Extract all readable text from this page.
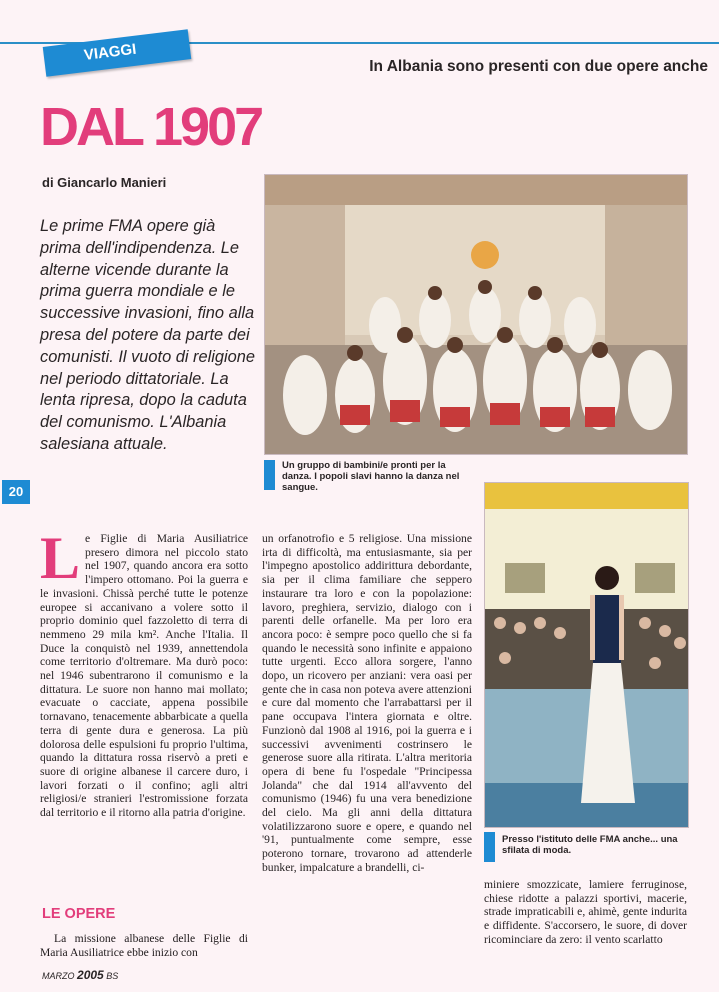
VIAGGI
In Albania sono presenti con due opere anche
DAL 1907
di Giancarlo Manieri
Le prime FMA opere già prima dell'indipendenza. Le alterne vicende durante la prima guerra mondiale e le successive invasioni, fino alla presa del potere da parte dei comunisti. Il vuoto di religione nel periodo dittatoriale. La lenta ripresa, dopo la caduta del comunismo. L'Albania salesiana attuale.
20
Un gruppo di bambini/e pronti per la danza. I popoli slavi hanno la danza nel sangue.
Presso l'istituto delle FMA anche... una sfilata di moda.
Le Figlie di Maria Ausiliatrice presero dimora nel piccolo stato nel 1907, quando ancora era sotto l'impero ottomano. Poi la guerra e le invasioni. Chissà perché tutte le potenze europee si accanivano a volere sotto il proprio dominio quel fazzoletto di terra di nemmeno 29 mila km². Anche l'Italia. Il Duce la conquistò nel 1939, annettendola come territorio d'oltremare. Ma durò poco: nel 1946 subentrarono il comunismo e la dittatura. Le suore non hanno mai mollato; evacuate o cacciate, appena possibile tornavano, tenacemente abbarbicate a quella terra di gente dura e generosa. La più dolorosa delle espulsioni fu proprio l'ultima, quando la dittatura rossa riservò a preti e suore di origine albanese il carcere duro, i lavori forzati o il confino; agli altri religiosi/e stranieri l'estromissione forzata dal territorio e il ritorno alla patria d'origine.
LE OPERE
La missione albanese delle Figlie di Maria Ausiliatrice ebbe inizio con
un orfanotrofio e 5 religiose. Una missione irta di difficoltà, ma entusiasmante, sia per l'impegno apostolico addirittura debordante, sia per il clima familiare che seppero instaurare tra loro e con la popolazione: lavoro, preghiera, servizio, dialogo con i parenti delle orfanelle. Ma per loro era ancora poco: è sempre poco quello che si fa quando le necessità sono infinite e appaiono tutte urgenti. Ecco allora sorgere, l'anno dopo, un ricovero per anziani: vera oasi per gente che in casa non poteva avere attenzioni e cure dal momento che l'arrabattarsi per il pane occupava l'intera giornata e oltre. Funzionò dal 1908 al 1916, poi la guerra e i successivi avvenimenti costrinsero le generose suore alla ritirata. L'altra meritoria opera di bene fu l'ospedale "Principessa Jolanda" che dal 1914 all'avvento del comunismo (1946) fu una vera benedizione del cielo. Ma gli anni della dittatura volatilizzarono suore e opere, e quando nel '91, puntualmente come sempre, esse poterono tornare, trovarono ad attenderle bunker, impalcature a brandelli, ci-
miniere smozzicate, lamiere ferruginose, chiese ridotte a palazzi sportivi, macerie, strade impraticabili e, ahimè, gente indurita e diffidente. S'accorsero, le suore, di dover ricominciare da zero: il vento scarlatto
MARZO 2005 BS
